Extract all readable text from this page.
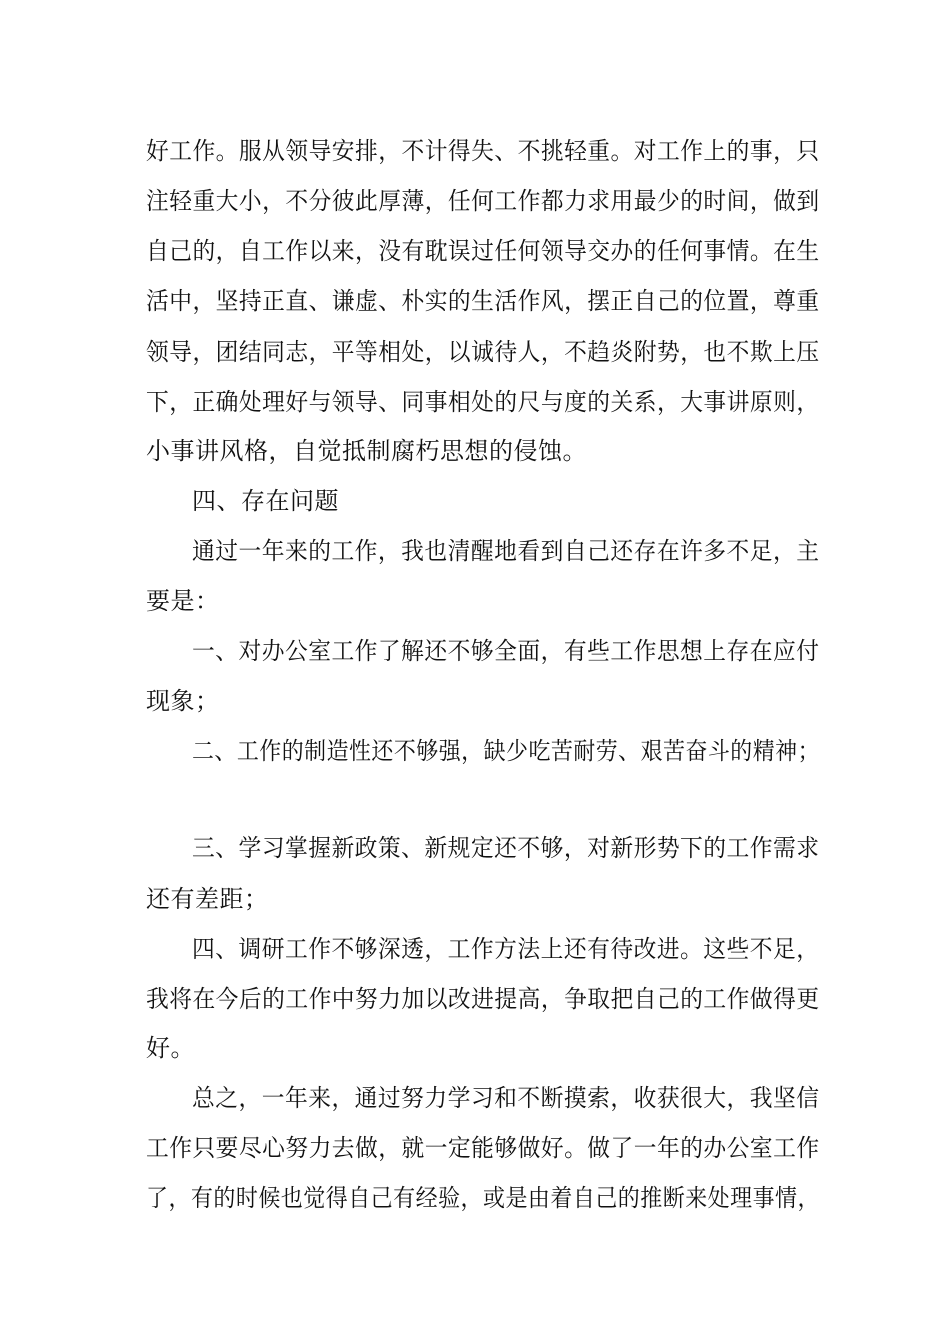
好工作。服从领导安排，不计得失、不挑轻重。对工作上的事，只
注轻重大小，不分彼此厚薄，任何工作都力求用最少的时间，做到
自己的，自工作以来，没有耽误过任何领导交办的任何事情。在生
活中，坚持正直、谦虚、朴实的生活作风，摆正自己的位置，尊重
领导，团结同志，平等相处，以诚待人，不趋炎附势，也不欺上压
下，正确处理好与领导、同事相处的尺与度的关系，大事讲原则，
小事讲风格，自觉抵制腐朽思想的侵蚀。
四、存在问题
通过一年来的工作，我也清醒地看到自己还存在许多不足，主
要是：
一、对办公室工作了解还不够全面，有些工作思想上存在应付
现象；
二、工作的制造性还不够强，缺少吃苦耐劳、艰苦奋斗的精神；
三、学习掌握新政策、新规定还不够，对新形势下的工作需求
还有差距；
四、调研工作不够深透，工作方法上还有待改进。这些不足，
我将在今后的工作中努力加以改进提高，争取把自己的工作做得更
好。
总之，一年来，通过努力学习和不断摸索，收获很大，我坚信
工作只要尽心努力去做，就一定能够做好。做了一年的办公室工作
了，有的时候也觉得自己有经验，或是由着自己的推断来处理事情，
